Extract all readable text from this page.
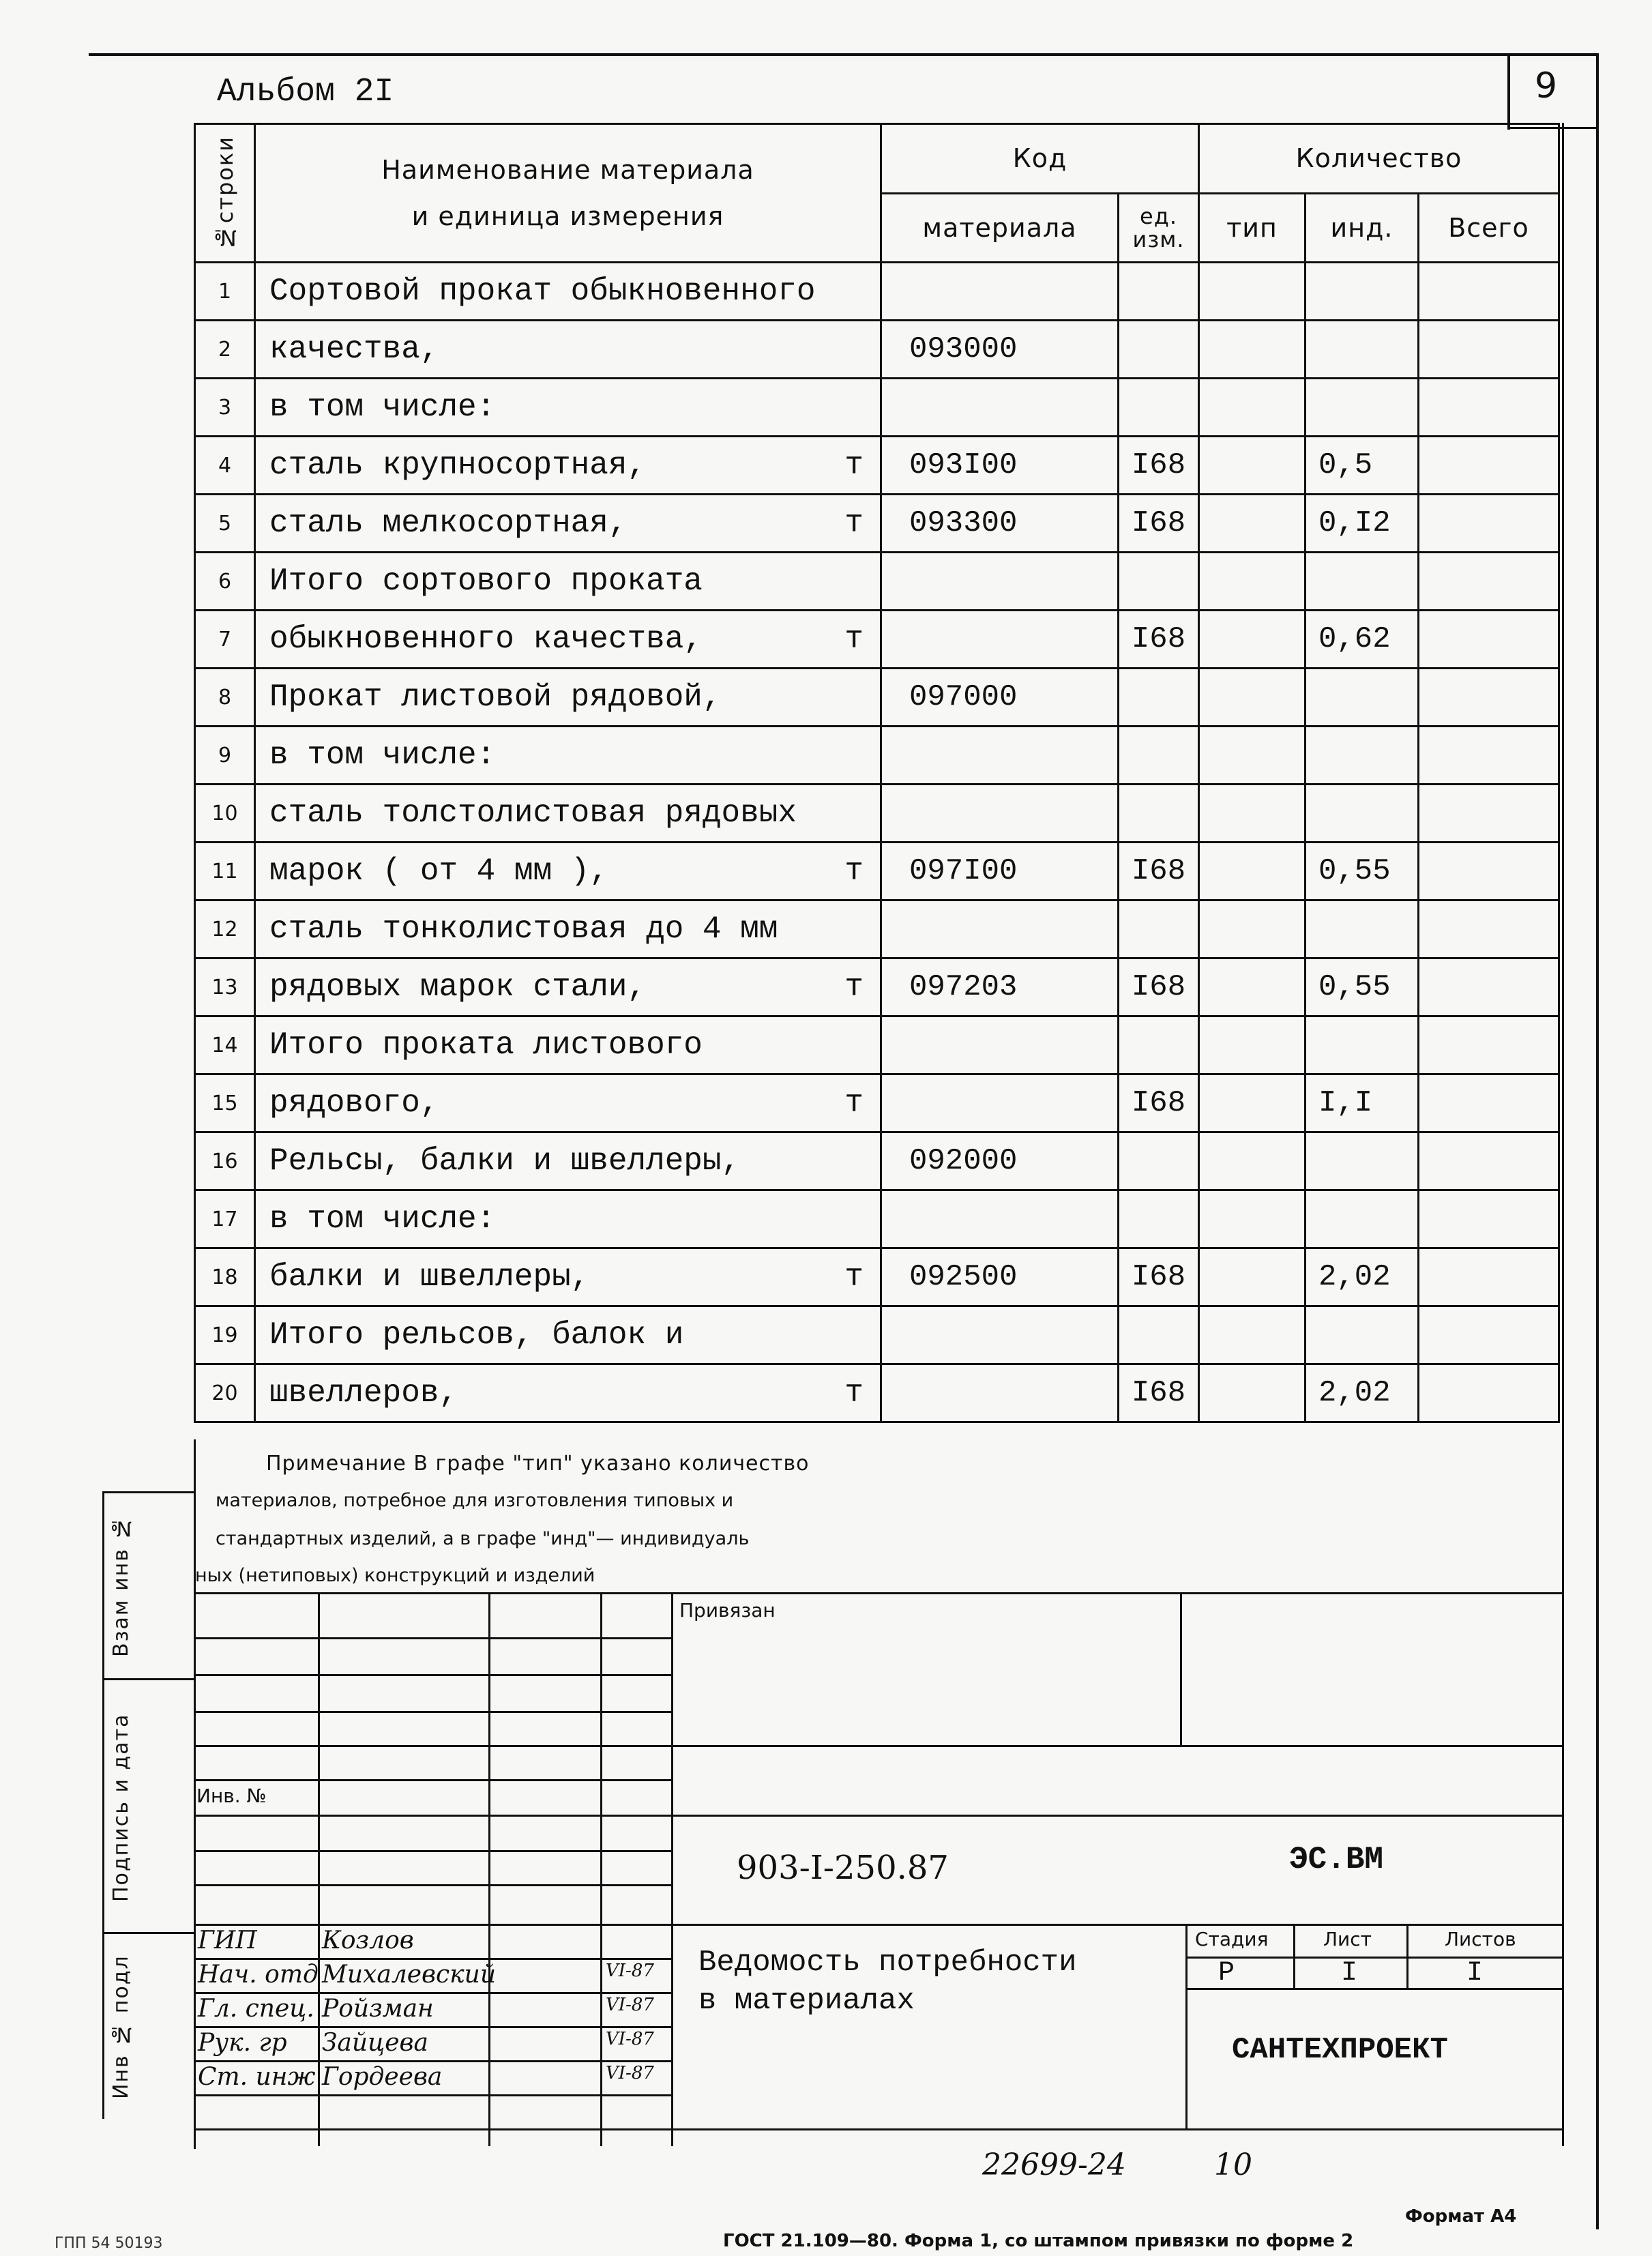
Альбом 2I	9
№строки	Наименование материала
и единица измерения	Код		Количество		
		материала	ед. изм.	тип	инд.	Всего
1	Сортовой прокат обыкновенного

2	качества,	093000				
3	в том числе:

4	сталь крупносортная, т	093I00	I68		0,5	
5	сталь мелкосортная, т	093300	I68		0,I2	
6	Итого сортового проката

7	обыкновенного качества, т		I68		0,62	
8	Прокат листовой рядовой,	097000				
9	в том числе:

10	сталь толстолистовая рядовых

11	марок ( от 4 мм ), т	097I00	I68		0,55	
12	сталь тонколистовая до 4 мм

13	рядовых марок стали, т	097203	I68		0,55	
14	Итого проката листового

15	рядового, т		I68		I,I	
16	Рельсы, балки и швеллеры,	092000				
17	в том числе:

18	балки и швеллеры, т	092500	I68		2,02	
19	Итого рельсов, балок и

20	швеллеров, т		I68		2,02	
Примечание В графе "тип" указано количество
материалов, потребное для изготовления типовых и
стандартных изделий, а в графе "инд"— индивидуаль
ных (нетиповых) конструкций и изделий
Взам инв №
Подпись и дата
Инв № подл
Привязан
Инв. №
903-I-250.87	ЭС.ВМ
ГИП	Козлов
Нач. отд Михалевский	VI-87
Гл. спец. Ройзман	VI-87
Рук. гр Зайцева	VI-87
Ст. инж Гордеева	VI-87
Ведомость потребности
в материалах
Стадия	Лист	Листов
Р	I	I
САНТЕХПРОЕКТ
22699-24	10
Формат А4
ГПП 54 50193	ГОСТ 21.109—80. Форма 1, со штампом привязки по форме 2
